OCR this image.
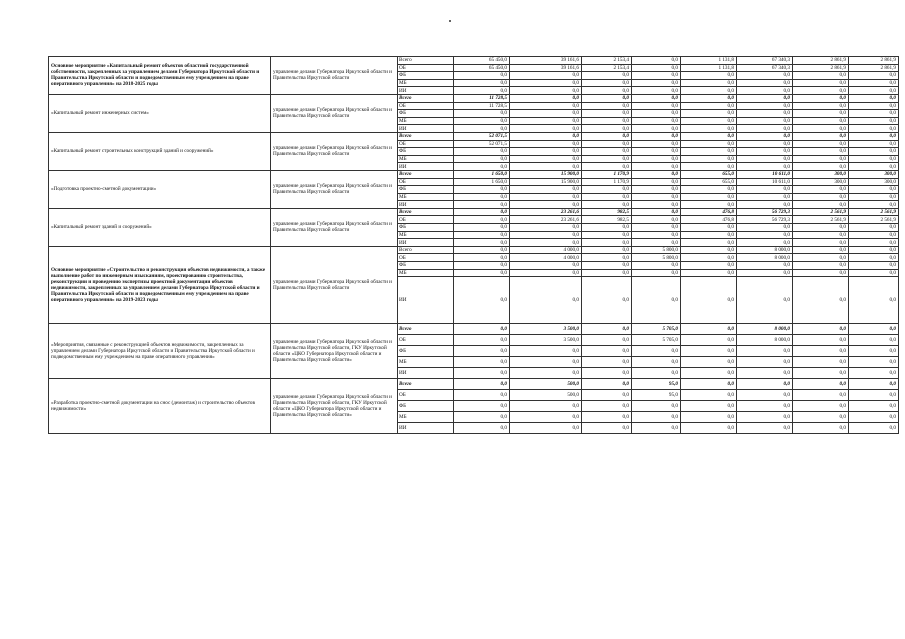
Основное мероприятие «Капитальный ремонт объектов областной государственной собственности, закрепленных за управлением делами Губернатора Иркутской области и Правительства Иркутской области и подведомственным ему учреждением на праве оперативного управления» на 2018-2025 годы	управление делами Губернатора Иркутской области и Правительства Иркутской области	Всего	65 450,0	39 161,6	2 153,4	0,0	1 131,8	67 340,3	2 861,9	2 861,9
		ОБ	65 450,0	39 161,6	2 153,4	0,0	1 131,8	67 340,3	2 861,9	2 861,9
		ФБ	0,0	0,0	0,0	0,0	0,0	0,0	0,0	0,0
		МБ	0,0	0,0	0,0	0,0	0,0	0,0	0,0	0,0
		ИИ	0,0	0,0	0,0	0,0	0,0	0,0	0,0	0,0
«Капитальный ремонт инженерных систем»	управление делами Губернатора Иркутской области и Правительства Иркутской области	Всего	11 728,5	0,0	0,0	0,0	0,0	0,0	0,0	0,0
		ОБ	11 728,5	0,0	0,0	0,0	0,0	0,0	0,0	0,0
		ФБ	0,0	0,0	0,0	0,0	0,0	0,0	0,0	0,0
		МБ	0,0	0,0	0,0	0,0	0,0	0,0	0,0	0,0
		ИИ	0,0	0,0	0,0	0,0	0,0	0,0	0,0	0,0
«Капитальный ремонт строительных конструкций зданий и сооружений»	управление делами Губернатора Иркутской области и Правительства Иркутской области	Всего	52 071,5	0,0	0,0	0,0	0,0	0,0	0,0	0,0
		ОБ	52 071,5	0,0	0,0	0,0	0,0	0,0	0,0	0,0
		ФБ	0,0	0,0	0,0	0,0	0,0	0,0	0,0	0,0
		МБ	0,0	0,0	0,0	0,0	0,0	0,0	0,0	0,0
		ИИ	0,0	0,0	0,0	0,0	0,0	0,0	0,0	0,0
«Подготовка проектно-сметной документации»	управление делами Губернатора Иркутской области и Правительства Иркутской области	Всего	1 650,0	15 900,0	1 170,9	0,0	655,0	10 611,0	300,0	300,0
		ОБ	1 650,0	15 900,0	1 170,9	0,0	655,0	10 611,0	300,0	300,0
		ФБ	0,0	0,0	0,0	0,0	0,0	0,0	0,0	0,0
		МБ	0,0	0,0	0,0	0,0	0,0	0,0	0,0	0,0
		ИИ	0,0	0,0	0,0	0,0	0,0	0,0	0,0	0,0
«Капитальный ремонт зданий и сооружений»	управление делами Губернатора Иркутской области и Правительства Иркутской области	Всего	0,0	23 261,6	982,5	0,0	476,8	56 729,3	2 561,9	2 561,9
		ОБ	0,0	23 261,6	982,5	0,0	476,8	56 729,3	2 561,9	2 561,9
		ФБ	0,0	0,0	0,0	0,0	0,0	0,0	0,0	0,0
		МБ	0,0	0,0	0,0	0,0	0,0	0,0	0,0	0,0
		ИИ	0,0	0,0	0,0	0,0	0,0	0,0	0,0	0,0
Основное мероприятие «Строительство и реконструкция объектов недвижимости, а также выполнение работ по инженерным изысканиям, проектированию строительства, реконструкции и проведению экспертизы проектной документации объектов недвижимости, закрепленных за управлением делами Губернатора Иркутской области и Правительства Иркутской области и подведомственным ему учреждением на праве оперативного управления» на 2019-2023 годы	управление делами Губернатора Иркутской области и Правительства Иркутской области	Всего	0,0	4 000,0	0,0	5 800,0	0,0	8 000,0	0,0	0,0
		ОБ	0,0	4 000,0	0,0	5 800,0	0,0	8 000,0	0,0	0,0
		ФБ	0,0	0,0	0,0	0,0	0,0	0,0	0,0	0,0
		МБ	0,0	0,0	0,0	0,0	0,0	0,0	0,0	0,0
		ИИ	0,0	0,0	0,0	0,0	0,0	0,0	0,0	0,0
«Мероприятия, связанные с реконструкцией объектов недвижимости, закрепленных за управлением делами Губернатора Иркутской области и Правительства Иркутской области и подведомственным ему учреждением на праве оперативного управления»	управление делами Губернатора Иркутской области и Правительства Иркутской области, ГКУ Иркутской области «ЦКО Губернатора Иркутской области и Правительства Иркутской области»	Всего	0,0	3 500,0	0,0	5 705,0	0,0	8 000,0	0,0	0,0
		ОБ	0,0	3 500,0	0,0	5 705,0	0,0	8 000,0	0,0	0,0
		ФБ	0,0	0,0	0,0	0,0	0,0	0,0	0,0	0,0
		МБ	0,0	0,0	0,0	0,0	0,0	0,0	0,0	0,0
		ИИ	0,0	0,0	0,0	0,0	0,0	0,0	0,0	0,0
«Разработка проектно-сметной документации на снос (демонтаж) и строительство объектов недвижимости»	управление делами Губернатора Иркутской области и Правительства Иркутской области, ГКУ Иркутской области «ЦКО Губернатора Иркутской области и Правительства Иркутской области»	Всего	0,0	500,0	0,0	95,0	0,0	0,0	0,0	0,0
		ОБ	0,0	500,0	0,0	95,0	0,0	0,0	0,0	0,0
		ФБ	0,0	0,0	0,0	0,0	0,0	0,0	0,0	0,0
		МБ	0,0	0,0	0,0	0,0	0,0	0,0	0,0	0,0
		ИИ	0,0	0,0	0,0	0,0	0,0	0,0	0,0	0,0
